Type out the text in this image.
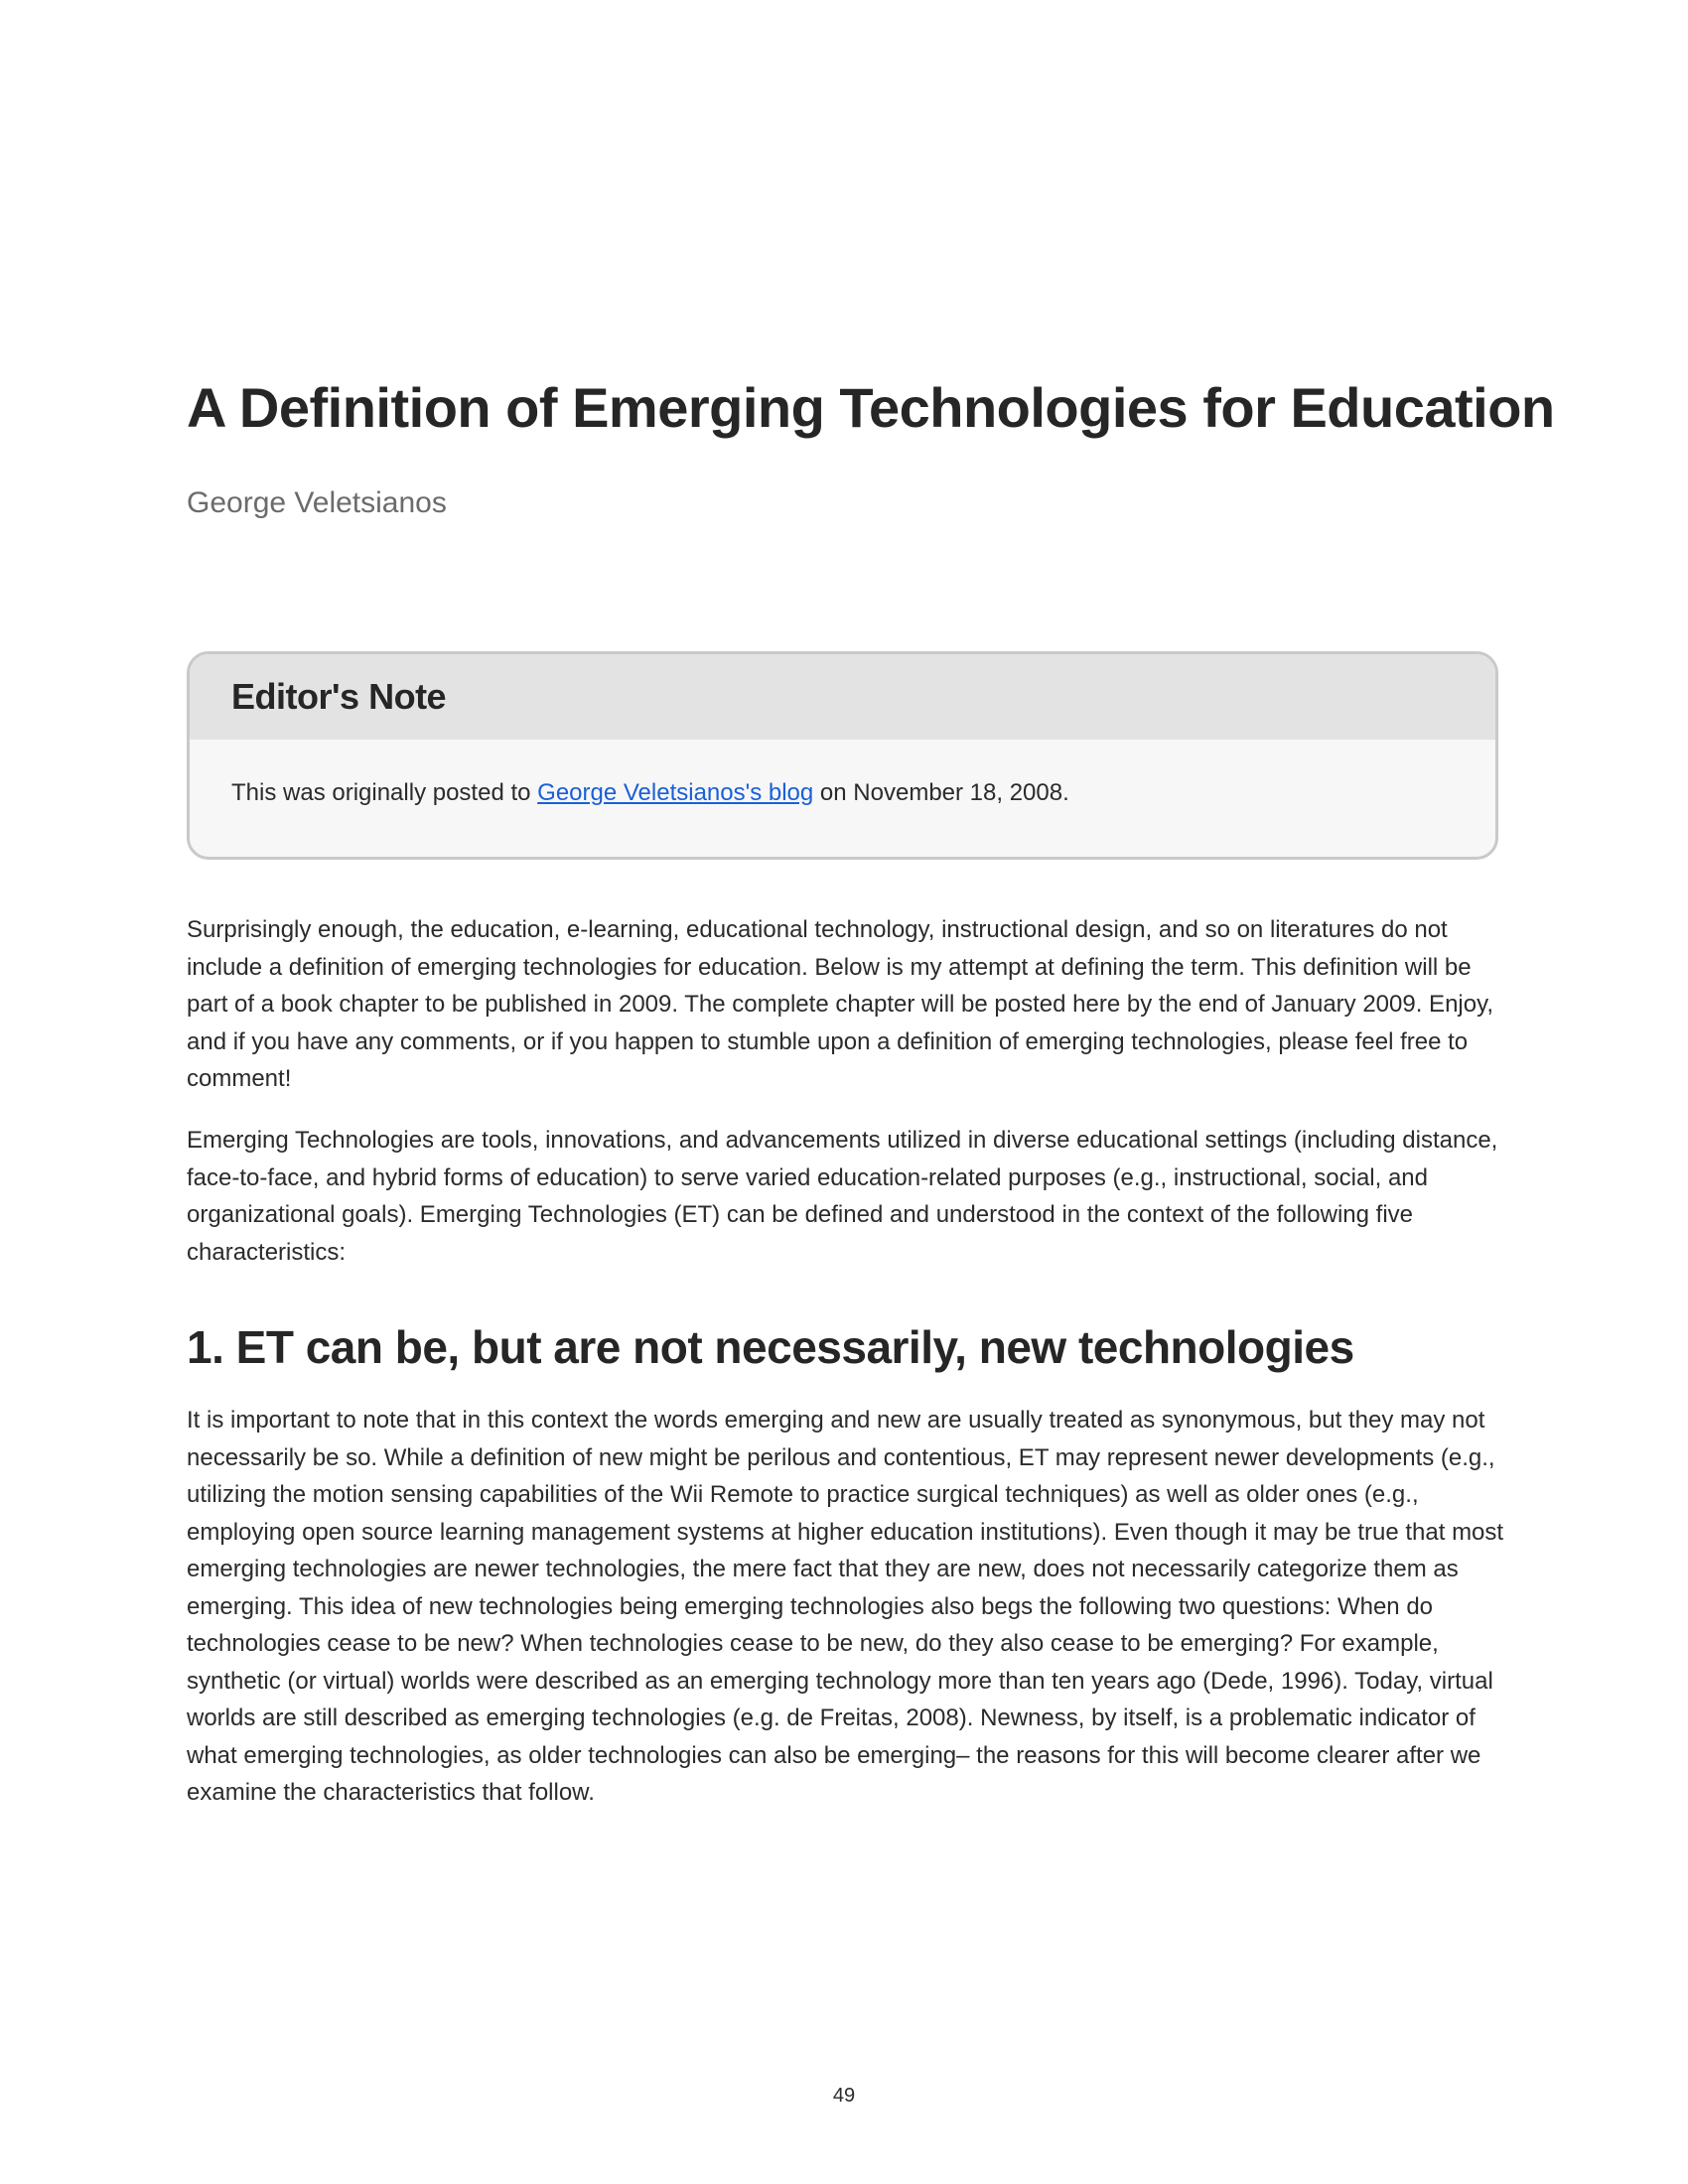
A Definition of Emerging Technologies for Education
George Veletsianos
Editor's Note
This was originally posted to George Veletsianos's blog on November 18, 2008.

Surprisingly enough, the education, e-learning, educational technology, instructional design, and so on literatures do not include a definition of emerging technologies for education. Below is my attempt at defining the term. This definition will be part of a book chapter to be published in 2009. The complete chapter will be posted here by the end of January 2009. Enjoy, and if you have any comments, or if you happen to stumble upon a definition of emerging technologies, please feel free to comment!

Emerging Technologies are tools, innovations, and advancements utilized in diverse educational settings (including distance, face-to-face, and hybrid forms of education) to serve varied education-related purposes (e.g., instructional, social, and organizational goals). Emerging Technologies (ET) can be defined and understood in the context of the following five characteristics:

1. ET can be, but are not necessarily, new technologies

It is important to note that in this context the words emerging and new are usually treated as synonymous, but they may not necessarily be so. While a definition of new might be perilous and contentious, ET may represent newer developments (e.g., utilizing the motion sensing capabilities of the Wii Remote to practice surgical techniques) as well as older ones (e.g., employing open source learning management systems at higher education institutions). Even though it may be true that most emerging technologies are newer technologies, the mere fact that they are new, does not necessarily categorize them as emerging. This idea of new technologies being emerging technologies also begs the following two questions: When do technologies cease to be new? When technologies cease to be new, do they also cease to be emerging? For example, synthetic (or virtual) worlds were described as an emerging technology more than ten years ago (Dede, 1996). Today, virtual worlds are still described as emerging technologies (e.g. de Freitas, 2008). Newness, by itself, is a problematic indicator of what emerging technologies, as older technologies can also be emerging– the reasons for this will become clearer after we examine the characteristics that follow.

49
